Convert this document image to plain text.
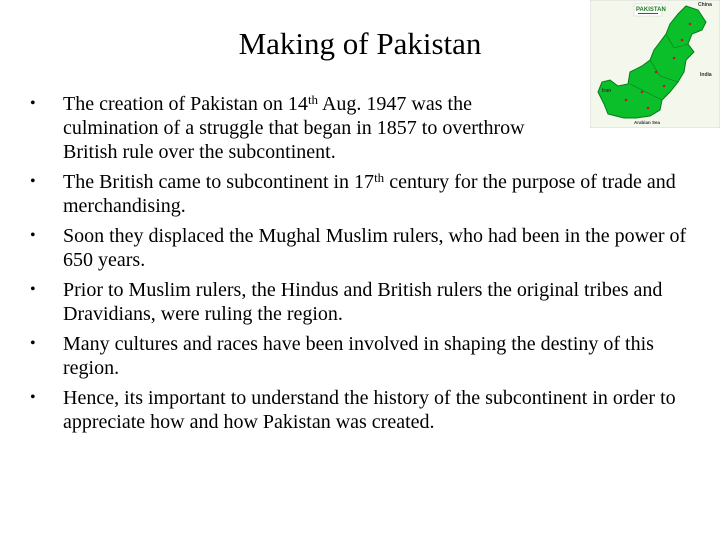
Making of Pakistan
PAKISTAN
China
Iran
India
Arabian Sea
• The creation of Pakistan on 14th Aug. 1947 was the culmination of a struggle that began in 1857 to overthrow British rule over the subcontinent.
• The British came to subcontinent in 17th century for the purpose of trade and merchandising.
• Soon they displaced the Mughal Muslim rulers, who had been in the power of 650 years.
• Prior to Muslim rulers, the Hindus and British rulers the original tribes and Dravidians, were ruling the region.
• Many cultures and races have been involved in shaping the destiny of this region.
• Hence, its important to understand the history of the subcontinent in order to appreciate how and how Pakistan was created.
